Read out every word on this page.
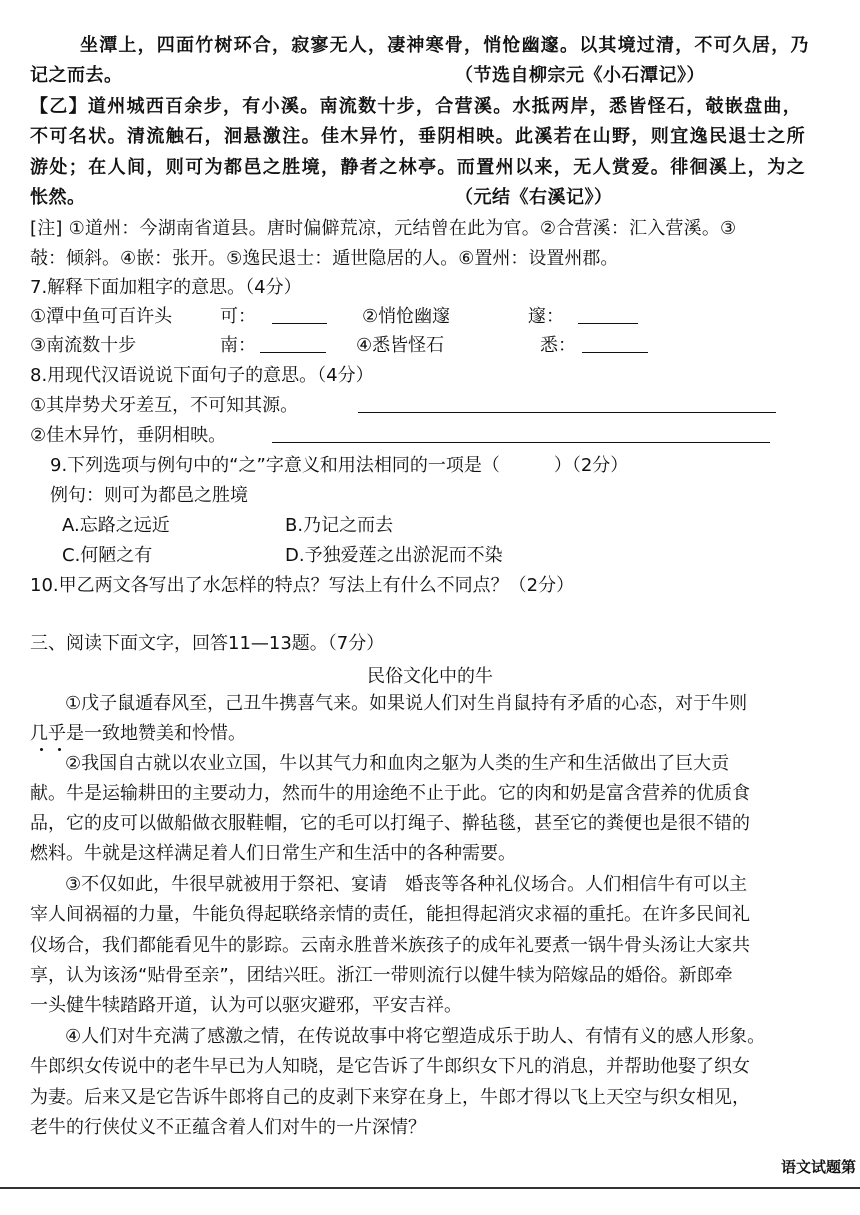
坐潭上，四面竹树环合，寂寥无人，凄神寒骨，悄怆幽邃。以其境过清，不可久居，乃
记之而去。	（节选自柳宗元《小石潭记》）
【乙】道州城西百余步，有小溪。南流数十步，合营溪。水抵两岸，悉皆怪石，攲嵌盘曲，
不可名状。清流触石，洄悬激注。佳木异竹，垂阴相映。此溪若在山野，则宜逸民退士之所
游处；在人间，则可为都邑之胜境，静者之林亭。而置州以来，无人赏爱。徘徊溪上，为之
怅然。	（元结《右溪记》）
[注] ①道州：今湖南省道县。唐时偏僻荒凉，元结曾在此为官。②合营溪：汇入营溪。③
攲：倾斜。④嵌：张开。⑤逸民退士：遁世隐居的人。⑥置州：设置州郡。
7.解释下面加粗字的意思。（4分）
①潭中鱼可百许头	可：	②悄怆幽邃	邃：
③南流数十步	南：	④悉皆怪石	悉：
8.用现代汉语说说下面句子的意思。（4分）
①其岸势犬牙差互，不可知其源。
②佳木异竹，垂阴相映。
9.下列选项与例句中的“之”字意义和用法相同的一项是（　　　）（2分）
例句：则可为都邑之胜境
A.忘路之远近	B.乃记之而去
C.何陋之有	D.予独爱莲之出淤泥而不染
10.甲乙两文各写出了水怎样的特点？写法上有什么不同点？（2分）
三、阅读下面文字，回答11—13题。（7分）
民俗文化中的牛
①戊子鼠遁春风至，己丑牛携喜气来。如果说人们对生肖鼠持有矛盾的心态，对于牛则
几乎是一致地赞美和怜惜。
②我国自古就以农业立国，牛以其气力和血肉之躯为人类的生产和生活做出了巨大贡
献。牛是运输耕田的主要动力，然而牛的用途绝不止于此。它的肉和奶是富含营养的优质食
品，它的皮可以做船做衣服鞋帽，它的毛可以打绳子、擀毡毯，甚至它的粪便也是很不错的
燃料。牛就是这样满足着人们日常生产和生活中的各种需要。
③不仅如此，牛很早就被用于祭祀、宴请　婚丧等各种礼仪场合。人们相信牛有可以主
宰人间祸福的力量，牛能负得起联络亲情的责任，能担得起消灾求福的重托。在许多民间礼
仪场合，我们都能看见牛的影踪。云南永胜普米族孩子的成年礼要煮一锅牛骨头汤让大家共
享，认为该汤“贴骨至亲”，团结兴旺。浙江一带则流行以健牛犊为陪嫁品的婚俗。新郎牵
一头健牛犊踏路开道，认为可以驱灾避邪，平安吉祥。
④人们对牛充满了感激之情，在传说故事中将它塑造成乐于助人、有情有义的感人形象。
牛郎织女传说中的老牛早已为人知晓，是它告诉了牛郎织女下凡的消息，并帮助他娶了织女
为妻。后来又是它告诉牛郎将自己的皮剥下来穿在身上，牛郎才得以飞上天空与织女相见，
老牛的行侠仗义不正蕴含着人们对牛的一片深情？
语文试题第
